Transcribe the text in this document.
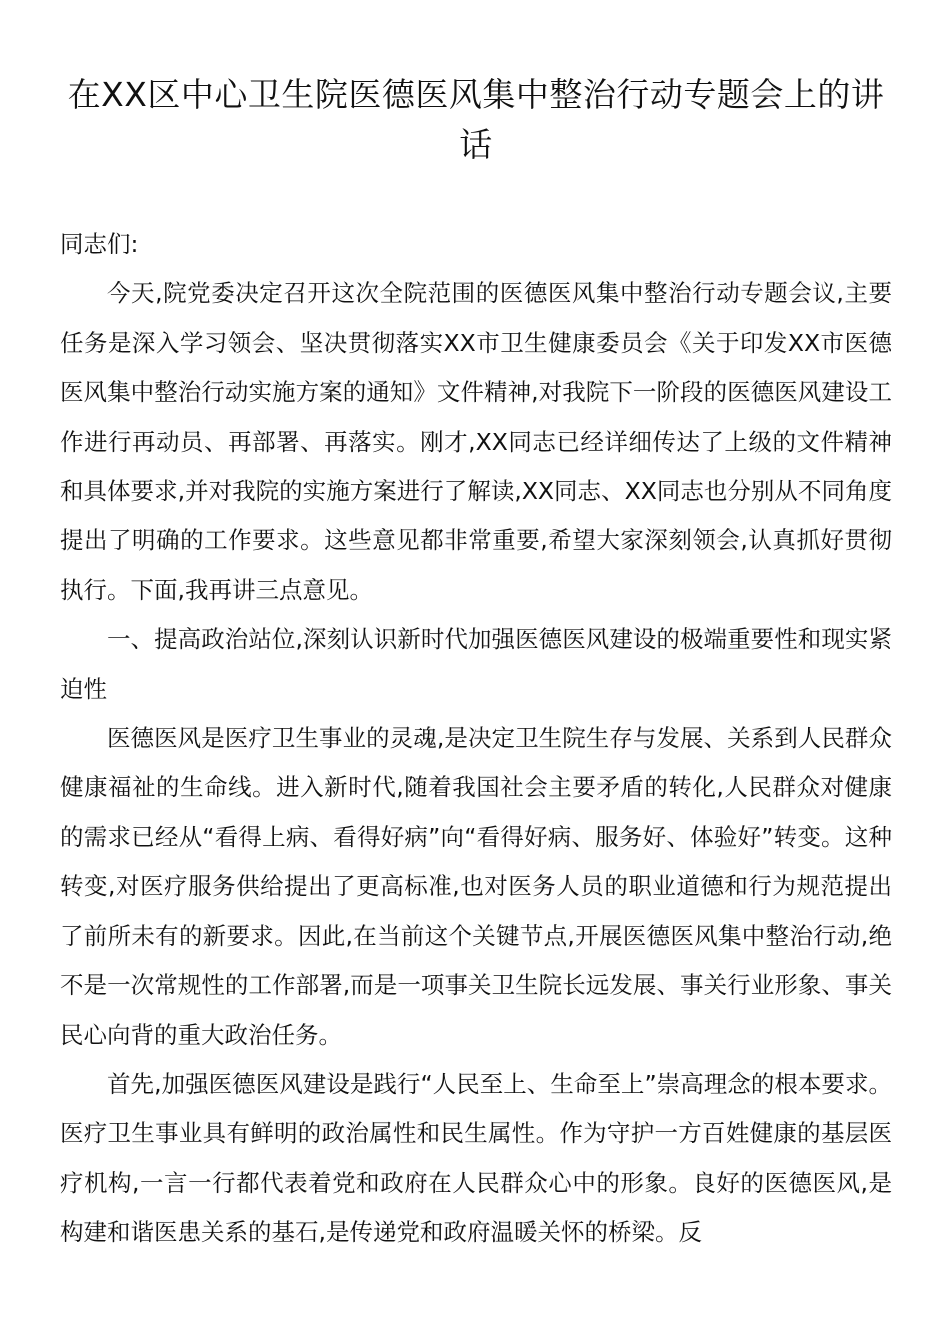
在XX区中心卫生院医德医风集中整治行动专题会上的讲话

同志们:

今天,院党委决定召开这次全院范围的医德医风集中整治行动专题会议,主要任务是深入学习领会、坚决贯彻落实XX市卫生健康委员会《关于印发XX市医德医风集中整治行动实施方案的通知》文件精神,对我院下一阶段的医德医风建设工作进行再动员、再部署、再落实。刚才,XX同志已经详细传达了上级的文件精神和具体要求,并对我院的实施方案进行了解读,XX同志、XX同志也分别从不同角度提出了明确的工作要求。这些意见都非常重要,希望大家深刻领会,认真抓好贯彻执行。下面,我再讲三点意见。

一、提高政治站位,深刻认识新时代加强医德医风建设的极端重要性和现实紧迫性

医德医风是医疗卫生事业的灵魂,是决定卫生院生存与发展、关系到人民群众健康福祉的生命线。进入新时代,随着我国社会主要矛盾的转化,人民群众对健康的需求已经从“看得上病、看得好病”向“看得好病、服务好、体验好”转变。这种转变,对医疗服务供给提出了更高标准,也对医务人员的职业道德和行为规范提出了前所未有的新要求。因此,在当前这个关键节点,开展医德医风集中整治行动,绝不是一次常规性的工作部署,而是一项事关卫生院长远发展、事关行业形象、事关民心向背的重大政治任务。

首先,加强医德医风建设是践行“人民至上、生命至上”崇高理念的根本要求。医疗卫生事业具有鲜明的政治属性和民生属性。作为守护一方百姓健康的基层医疗机构,一言一行都代表着党和政府在人民群众心中的形象。良好的医德医风,是构建和谐医患关系的基石,是传递党和政府温暖关怀的桥梁。反
